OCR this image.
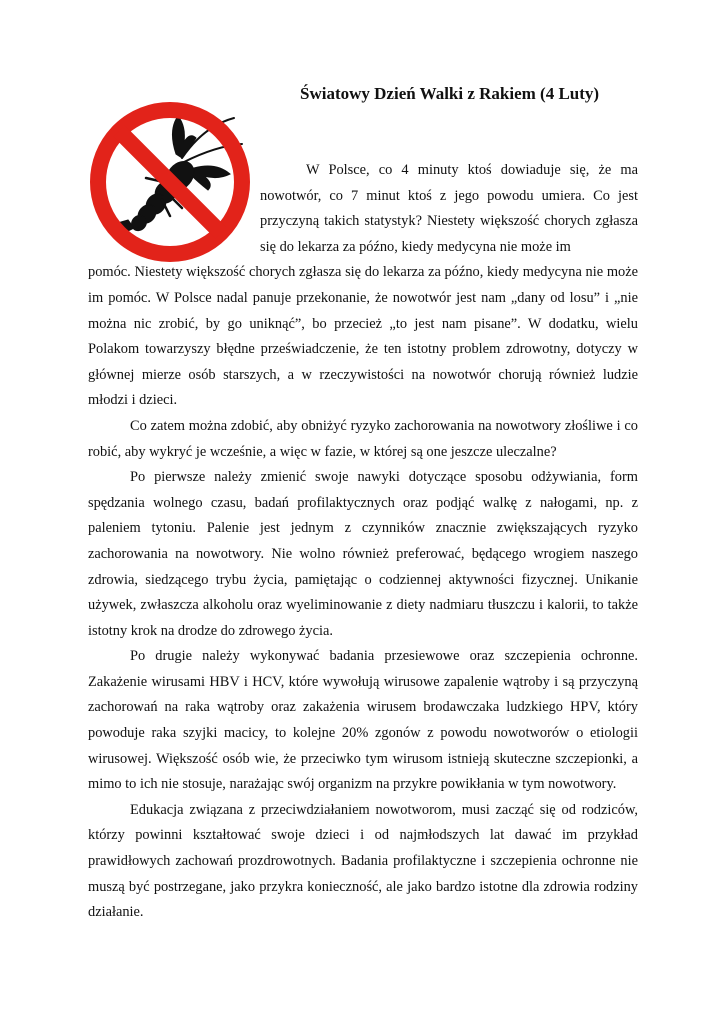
Światowy Dzień Walki z Rakiem (4 Luty)

W Polsce, co 4 minuty ktoś dowiaduje się, że ma nowotwór, co 7 minut ktoś z jego powodu umiera. Co jest przyczyną takich statystyk? Niestety większość chorych zgłasza się do lekarza za późno, kiedy medycyna nie może im

pomóc. Niestety większość chorych zgłasza się do lekarza za późno, kiedy medycyna nie może im pomóc. W Polsce nadal panuje przekonanie, że nowotwór jest nam „dany od losu” i „nie można nic zrobić, by go uniknąć”, bo przecież „to jest nam pisane”. W dodatku, wielu Polakom towarzyszy błędne przeświadczenie, że ten istotny problem zdrowotny, dotyczy w głównej mierze osób starszych, a w rzeczywistości na nowotwór chorują również ludzie młodzi i dzieci.

Co zatem można zdobić, aby obniżyć ryzyko zachorowania na nowotwory złośliwe i co robić, aby wykryć je wcześnie, a więc w fazie, w której są one jeszcze uleczalne?

Po pierwsze należy zmienić swoje nawyki dotyczące sposobu odżywiania, form spędzania wolnego czasu, badań profilaktycznych oraz podjąć walkę z nałogami, np. z paleniem tytoniu. Palenie jest jednym z czynników znacznie zwiększających ryzyko zachorowania na nowotwory. Nie wolno również preferować, będącego wrogiem naszego zdrowia, siedzącego trybu życia, pamiętając o codziennej aktywności fizycznej. Unikanie używek, zwłaszcza alkoholu oraz wyeliminowanie z diety nadmiaru tłuszczu i kalorii, to także istotny krok na drodze do zdrowego życia.

Po drugie należy wykonywać badania przesiewowe oraz szczepienia ochronne. Zakażenie wirusami HBV i HCV, które wywołują wirusowe zapalenie wątroby i są przyczyną zachorowań na raka wątroby oraz zakażenia wirusem brodawczaka ludzkiego HPV, który powoduje raka szyjki macicy, to kolejne 20% zgonów z powodu nowotworów o etiologii wirusowej. Większość osób wie, że przeciwko tym wirusom istnieją skuteczne szczepionki, a mimo to ich nie stosuje, narażając swój organizm na przykre powikłania w tym nowotwory.

Edukacja związana z przeciwdziałaniem nowotworom, musi zacząć się od rodziców, którzy powinni kształtować swoje dzieci i od najmłodszych lat dawać im przykład prawidłowych zachowań prozdrowotnych. Badania profilaktyczne i szczepienia ochronne nie muszą być postrzegane, jako przykra konieczność, ale jako bardzo istotne dla zdrowia rodziny działanie.
